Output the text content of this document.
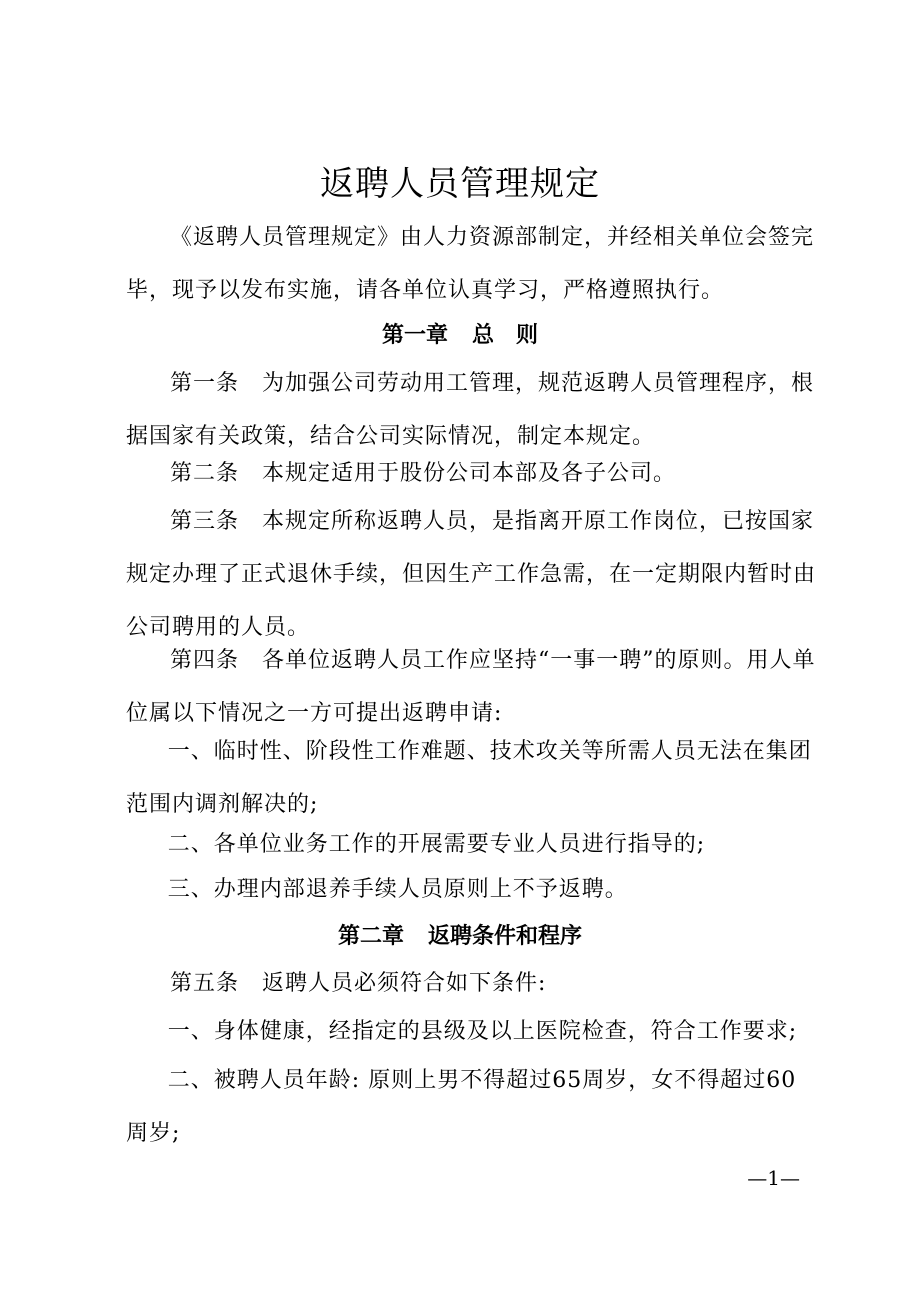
返聘人员管理规定

《返聘人员管理规定》由人力资源部制定，并经相关单位会签完毕，现予以发布实施，请各单位认真学习，严格遵照执行。

第一章 总　则

第一条　为加强公司劳动用工管理，规范返聘人员管理程序，根据国家有关政策，结合公司实际情况，制定本规定。

第二条　本规定适用于股份公司本部及各子公司。

第三条　本规定所称返聘人员，是指离开原工作岗位，已按国家规定办理了正式退休手续，但因生产工作急需，在一定期限内暂时由公司聘用的人员。

第四条　各单位返聘人员工作应坚持“一事一聘”的原则。用人单位属以下情况之一方可提出返聘申请:

一、临时性、阶段性工作难题、技术攻关等所需人员无法在集团范围内调剂解决的;

二、各单位业务工作的开展需要专业人员进行指导的;

三、办理内部退养手续人员原则上不予返聘。

第二章 返聘条件和程序

第五条　返聘人员必须符合如下条件:

一、身体健康，经指定的县级及以上医院检查，符合工作要求;

二、被聘人员年龄: 原则上男不得超过65周岁，女不得超过60周岁;

—1—
